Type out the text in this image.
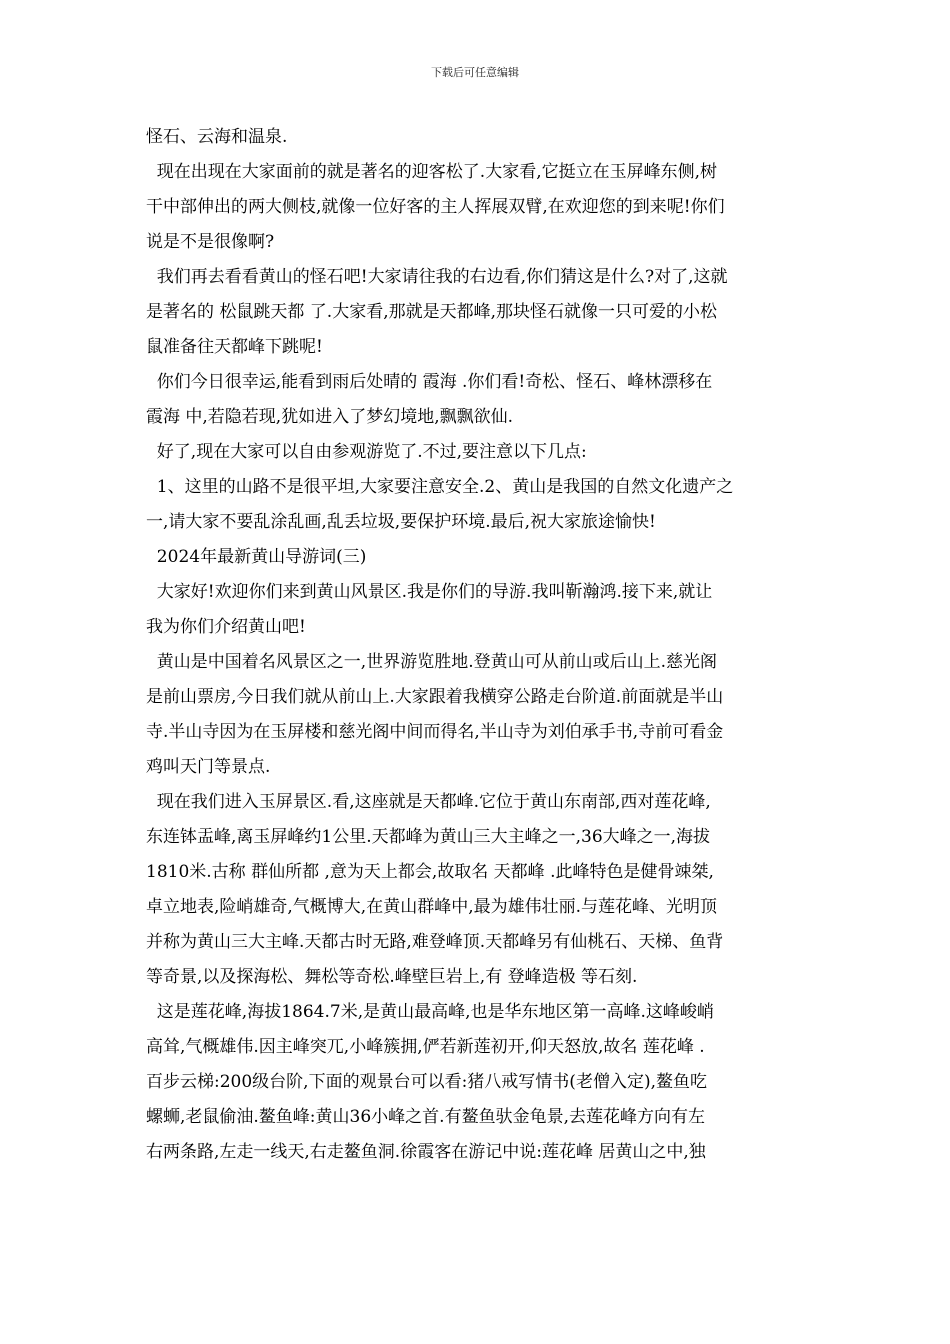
下载后可任意编辑
怪石、云海和温泉.
现在出现在大家面前的就是著名的迎客松了.大家看,它挺立在玉屏峰东侧,树
干中部伸出的两大侧枝,就像一位好客的主人挥展双臂,在欢迎您的到来呢!你们
说是不是很像啊?
我们再去看看黄山的怪石吧!大家请往我的右边看,你们猜这是什么?对了,这就
是著名的 松鼠跳天都 了.大家看,那就是天都峰,那块怪石就像一只可爱的小松
鼠准备往天都峰下跳呢!
你们今日很幸运,能看到雨后处晴的 霞海 .你们看!奇松、怪石、峰林漂移在
霞海 中,若隐若现,犹如进入了梦幻境地,飘飘欲仙.
好了,现在大家可以自由参观游览了.不过,要注意以下几点:
1、这里的山路不是很平坦,大家要注意安全.2、黄山是我国的自然文化遗产之
一,请大家不要乱涂乱画,乱丢垃圾,要保护环境.最后,祝大家旅途愉快!
2024年最新黄山导游词(三)
大家好!欢迎你们来到黄山风景区.我是你们的导游.我叫靳瀚鸿.接下来,就让
我为你们介绍黄山吧!
黄山是中国着名风景区之一,世界游览胜地.登黄山可从前山或后山上.慈光阁
是前山票房,今日我们就从前山上.大家跟着我横穿公路走台阶道.前面就是半山
寺.半山寺因为在玉屏楼和慈光阁中间而得名,半山寺为刘伯承手书,寺前可看金
鸡叫天门等景点.
现在我们进入玉屏景区.看,这座就是天都峰.它位于黄山东南部,西对莲花峰,
东连钵盂峰,离玉屏峰约1公里.天都峰为黄山三大主峰之一,36大峰之一,海拔
1810米.古称 群仙所都 ,意为天上都会,故取名 天都峰 .此峰特色是健骨竦桀,
卓立地表,险峭雄奇,气概博大,在黄山群峰中,最为雄伟壮丽.与莲花峰、光明顶
并称为黄山三大主峰.天都古时无路,难登峰顶.天都峰另有仙桃石、天梯、鱼背
等奇景,以及探海松、舞松等奇松.峰壁巨岩上,有 登峰造极 等石刻.
这是莲花峰,海拔1864.7米,是黄山最高峰,也是华东地区第一高峰.这峰峻峭
高耸,气概雄伟.因主峰突兀,小峰簇拥,俨若新莲初开,仰天怒放,故名 莲花峰 .
百步云梯:200级台阶,下面的观景台可以看:猪八戒写情书(老僧入定),鳌鱼吃
螺蛳,老鼠偷油.鳌鱼峰:黄山36小峰之首.有鳌鱼驮金龟景,去莲花峰方向有左
右两条路,左走一线天,右走鳌鱼洞.徐霞客在游记中说:莲花峰 居黄山之中,独
